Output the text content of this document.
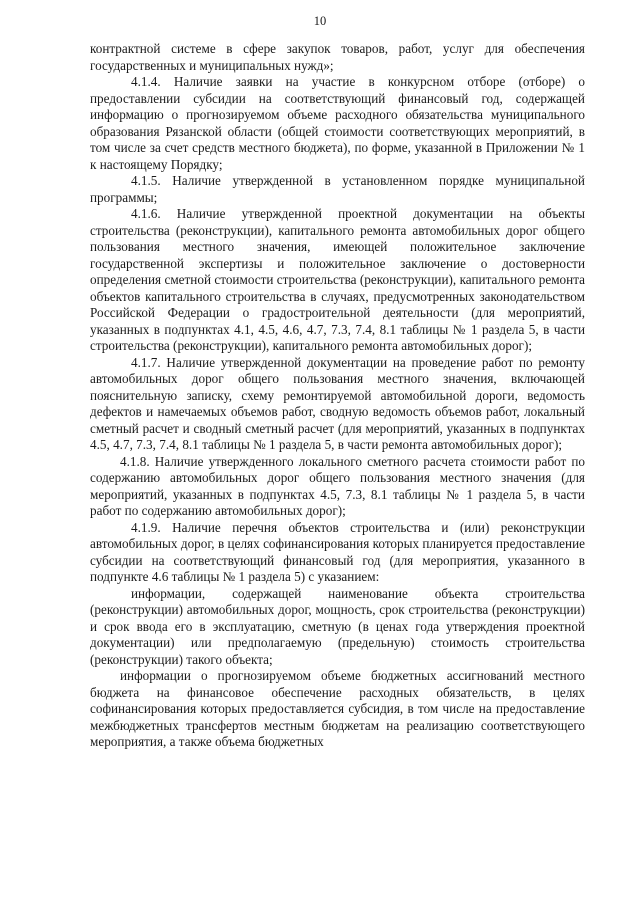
10

контрактной системе в сфере закупок товаров, работ, услуг для обеспечения государственных и муниципальных нужд»;

4.1.4. Наличие заявки на участие в конкурсном отборе (отборе) о предоставлении субсидии на соответствующий финансовый год, содержащей информацию о прогнозируемом объеме расходного обязательства муниципального образования Рязанской области (общей стоимости соответствующих мероприятий, в том числе за счет средств местного бюджета), по форме, указанной в Приложении № 1 к настоящему Порядку;

4.1.5. Наличие утвержденной в установленном порядке муниципальной программы;

4.1.6. Наличие утвержденной проектной документации на объекты строительства (реконструкции), капитального ремонта автомобильных дорог общего пользования местного значения, имеющей положительное заключение государственной экспертизы и положительное заключение о достоверности определения сметной стоимости строительства (реконструкции), капитального ремонта объектов капитального строительства в случаях, предусмотренных законодательством Российской Федерации о градостроительной деятельности (для мероприятий, указанных в подпунктах 4.1, 4.5, 4.6, 4.7, 7.3, 7.4, 8.1 таблицы № 1 раздела 5, в части строительства (реконструкции), капитального ремонта автомобильных дорог);

4.1.7. Наличие утвержденной документации на проведение работ по ремонту автомобильных дорог общего пользования местного значения, включающей пояснительную записку, схему ремонтируемой автомобильной дороги, ведомость дефектов и намечаемых объемов работ, сводную ведомость объемов работ, локальный сметный расчет и сводный сметный расчет (для мероприятий, указанных в подпунктах 4.5, 4.7, 7.3, 7.4, 8.1 таблицы № 1 раздела 5, в части ремонта автомобильных дорог);

4.1.8. Наличие утвержденного локального сметного расчета стоимости работ по содержанию автомобильных дорог общего пользования местного значения (для мероприятий, указанных в подпунктах 4.5, 7.3, 8.1 таблицы № 1 раздела 5, в части работ по содержанию автомобильных дорог);

4.1.9. Наличие перечня объектов строительства и (или) реконструкции автомобильных дорог, в целях софинансирования которых планируется предоставление субсидии на соответствующий финансовый год (для мероприятия, указанного в подпункте 4.6 таблицы № 1 раздела 5) с указанием:

информации, содержащей наименование объекта строительства (реконструкции) автомобильных дорог, мощность, срок строительства (реконструкции) и срок ввода его в эксплуатацию, сметную (в ценах года утверждения проектной документации) или предполагаемую (предельную) стоимость строительства (реконструкции) такого объекта;

информации о прогнозируемом объеме бюджетных ассигнований местного бюджета на финансовое обеспечение расходных обязательств, в целях софинансирования которых предоставляется субсидия, в том числе на предоставление межбюджетных трансфертов местным бюджетам на реализацию соответствующего мероприятия, а также объема бюджетных
